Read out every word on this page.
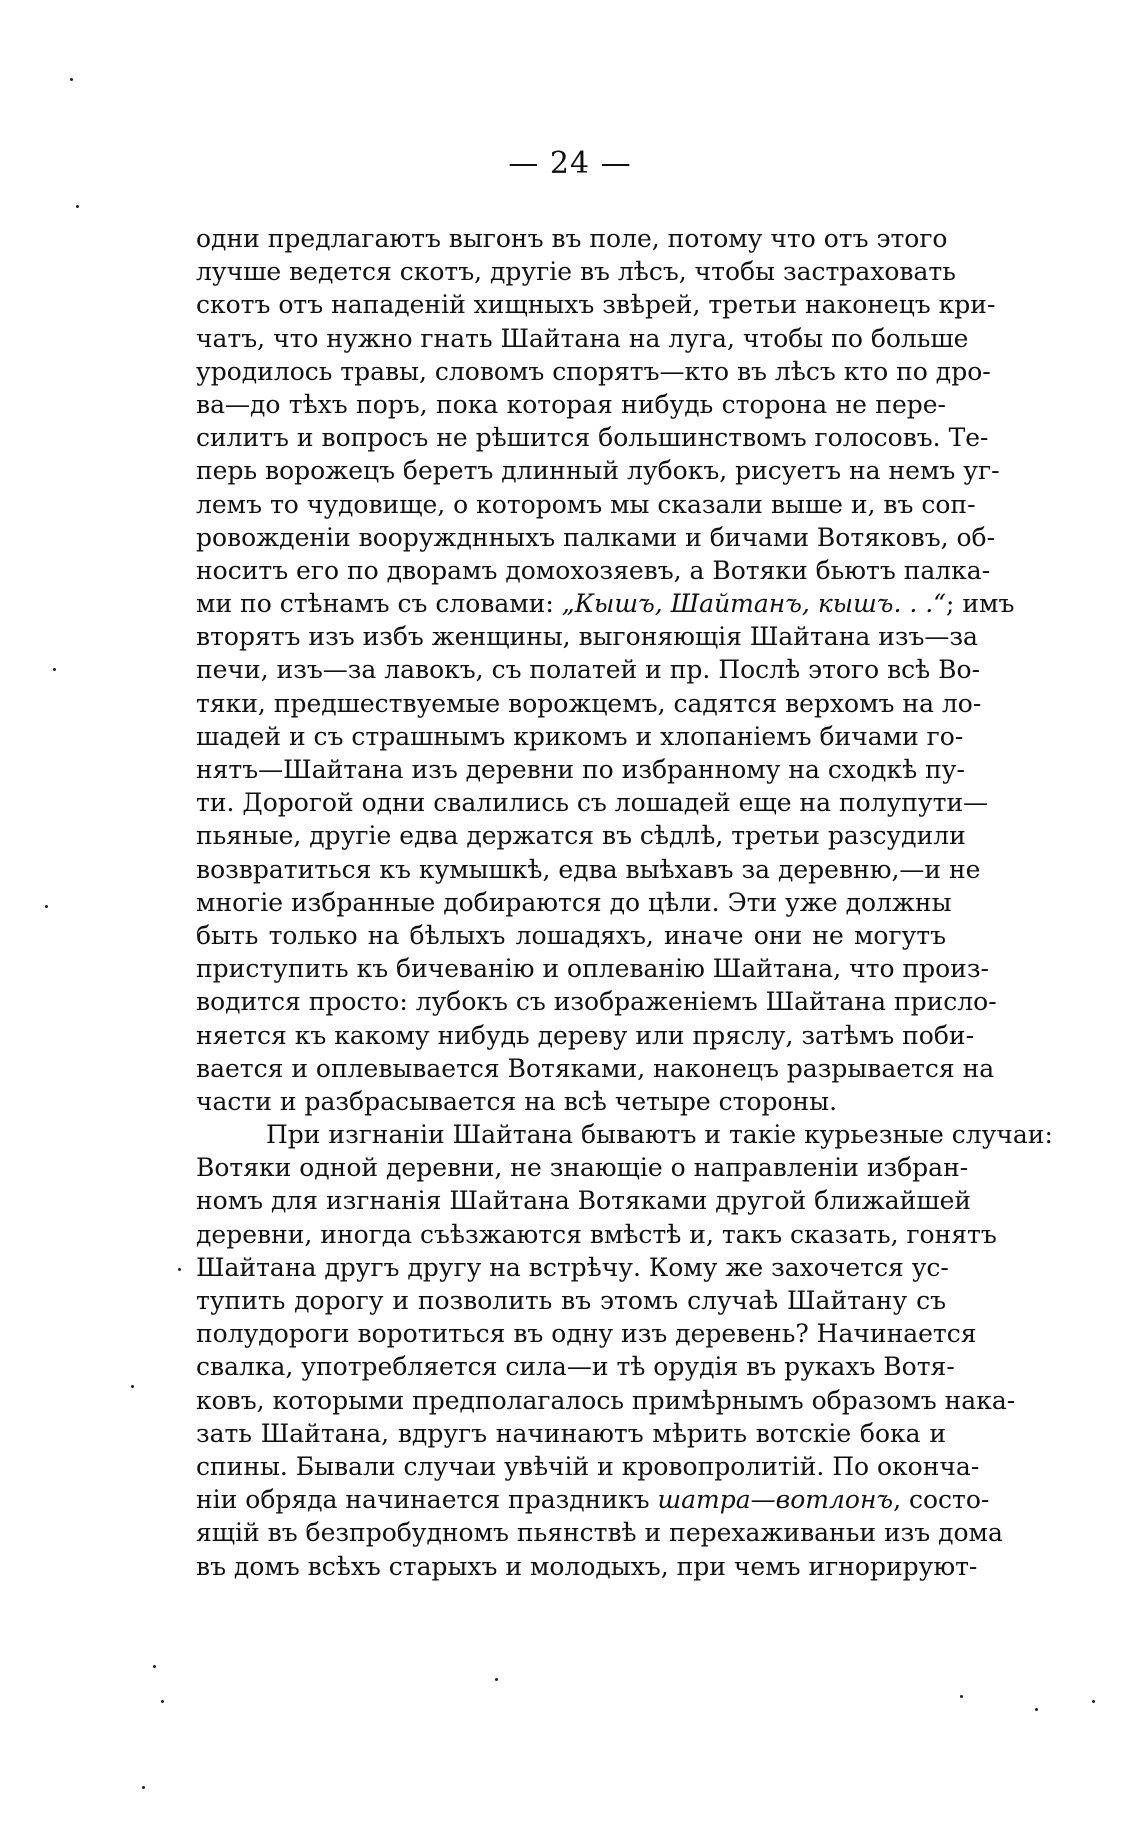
— 24 —
одни предлагаютъ выгонъ въ поле, потому что отъ этого
лучше ведется скотъ, другіе въ лѣсъ, чтобы застраховать
скотъ отъ нападеній хищныхъ звѣрей, третьи наконецъ кри-
чатъ, что нужно гнать Шайтана на луга, чтобы по больше
уродилось травы, словомъ спорятъ—кто въ лѣсъ кто по дро-
ва—до тѣхъ поръ, пока которая нибудь сторона не пере-
силитъ и вопросъ не рѣшится большинствомъ голосовъ. Те-
перь ворожецъ беретъ длинный лубокъ, рисуетъ на немъ уг-
лемъ то чудовище, о которомъ мы сказали выше и, въ соп-
ровожденіи вооружднныхъ палками и бичами Вотяковъ, об-
носитъ его по дворамъ домохозяевъ, а Вотяки бьютъ палка-
ми по стѣнамъ съ словами: „Кышъ, Шайтанъ, кышъ. . .“; имъ
вторятъ изъ избъ женщины, выгоняющія Шайтана изъ—за
печи, изъ—за лавокъ, съ полатей и пр. Послѣ этого всѣ Во-
тяки, предшествуемые ворожцемъ, садятся верхомъ на ло-
шадей и съ страшнымъ крикомъ и хлопаніемъ бичами го-
нятъ—Шайтана изъ деревни по избранному на сходкѣ пу-
ти. Дорогой одни свалились съ лошадей еще на полупути—
пьяные, другіе едва держатся въ сѣдлѣ, третьи разсудили
возвратиться къ кумышкѣ, едва выѣхавъ за деревню,—и не
многіе избранные добираются до цѣли. Эти уже должны
быть только на бѣлыхъ лошадяхъ, иначе они не могутъ
приступить къ бичеванію и оплеванію Шайтана, что произ-
водится просто: лубокъ съ изображеніемъ Шайтана присло-
няется къ какому нибудь дереву или пряслу, затѣмъ поби-
вается и оплевывается Вотяками, наконецъ разрывается на
части и разбрасывается на всѣ четыре стороны.
При изгнаніи Шайтана бываютъ и такіе курьезные случаи:
Вотяки одной деревни, не знающіе о направленіи избран-
номъ для изгнанія Шайтана Вотяками другой ближайшей
деревни, иногда съѣзжаются вмѣстѣ и, такъ сказать, гонятъ
Шайтана другъ другу на встрѣчу. Кому же захочется ус-
тупить дорогу и позволить въ этомъ случаѣ Шайтану съ
полудороги воротиться въ одну изъ деревень? Начинается
свалка, употребляется сила—и тѣ орудія въ рукахъ Вотя-
ковъ, которыми предполагалось примѣрнымъ образомъ нака-
зать Шайтана, вдругъ начинаютъ мѣрить вотскіе бока и
спины. Бывали случаи увѣчій и кровопролитій. По оконча-
ніи обряда начинается праздникъ шатра—вотлонъ, состо-
ящій въ безпробудномъ пьянствѣ и перехаживаньи изъ дома
въ домъ всѣхъ старыхъ и молодыхъ, при чемъ игнорируют-
